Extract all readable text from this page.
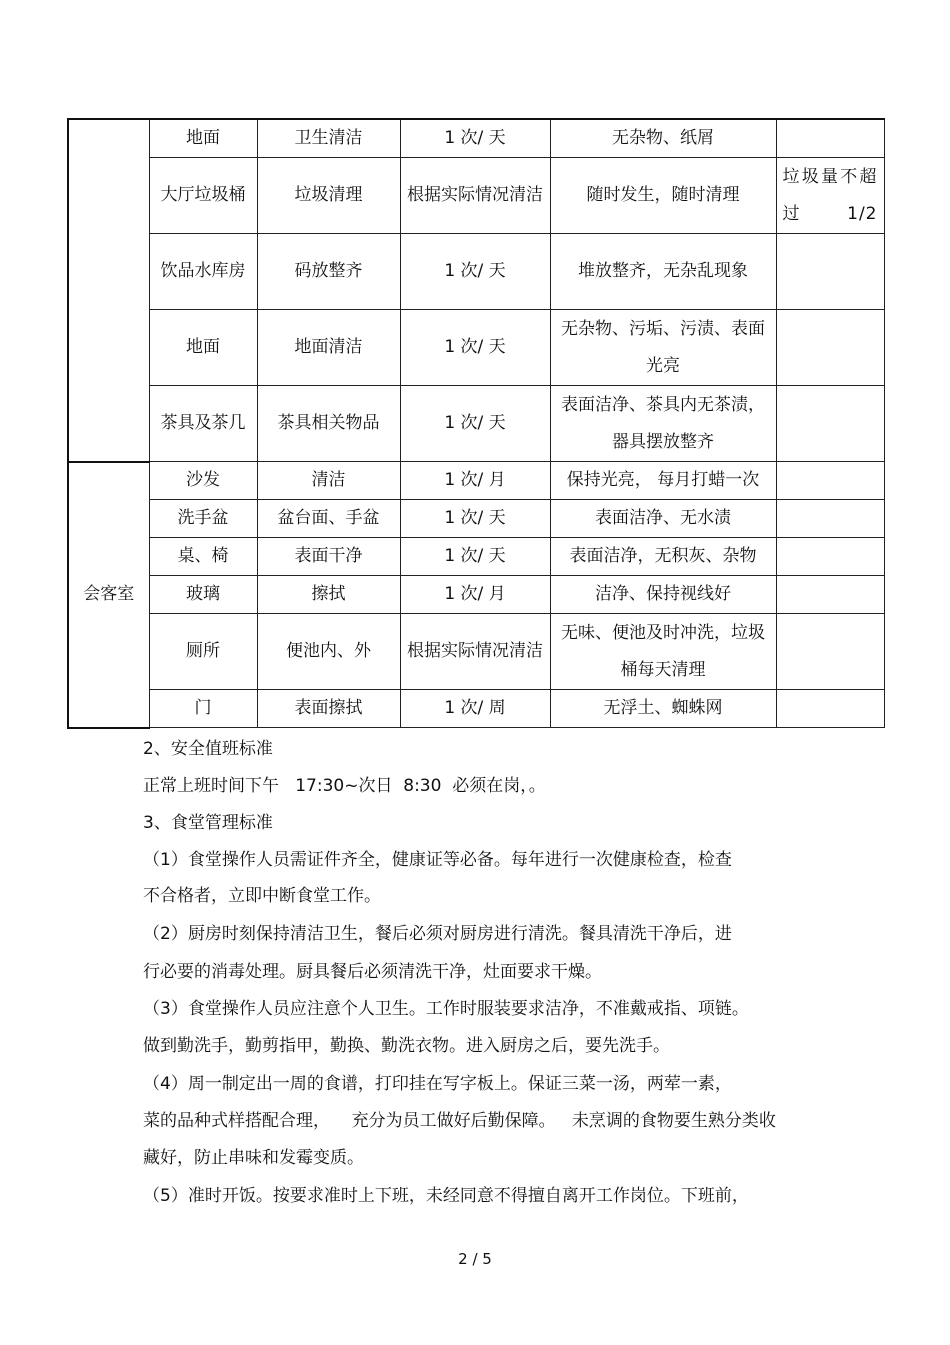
	地面	卫生清洁	1 次/ 天	无杂物、纸屑	
	大厅垃圾桶	垃圾清理	根据实际情况清洁	随时发生，随时清理	垃圾量不超过 1/2
	饮品水库房	码放整齐	1 次/ 天	堆放整齐，无杂乱现象	
	地面	地面清洁	1 次/ 天	无杂物、污垢、污渍、表面光亮	
	茶具及茶几	茶具相关物品	1 次/ 天	表面洁净、茶具内无茶渍，器具摆放整齐	
会客室	沙发	清洁	1 次/ 月	保持光亮， 每月打蜡一次	
	洗手盆	盆台面、手盆	1 次/ 天	表面洁净、无水渍	
	桌、椅	表面干净	1 次/ 天	表面洁净，无积灰、杂物	
	玻璃	擦拭	1 次/ 月	洁净、保持视线好	
	厕所	便池内、外	根据实际情况清洁	无味、便池及时冲洗，垃圾桶每天清理	
	门	表面擦拭	1 次/ 周	无浮土、蜘蛛网	
2、安全值班标准
正常上班时间下午   17:30~次日  8:30  必须在岗，。
3、食堂管理标准
（1）食堂操作人员需证件齐全，健康证等必备。每年进行一次健康检查，检查
不合格者，立即中断食堂工作。
（2）厨房时刻保持清洁卫生，餐后必须对厨房进行清洗。餐具清洗干净后，进
行必要的消毒处理。厨具餐后必须清洗干净，灶面要求干燥。
（3）食堂操作人员应注意个人卫生。工作时服装要求洁净，不准戴戒指、项链。
做到勤洗手，勤剪指甲，勤换、勤洗衣物。进入厨房之后，要先洗手。
（4）周一制定出一周的食谱，打印挂在写字板上。保证三菜一汤，两荤一素，
菜的品种式样搭配合理，    充分为员工做好后勤保障。   未烹调的食物要生熟分类收
藏好，防止串味和发霉变质。
（5）准时开饭。按要求准时上下班，未经同意不得擅自离开工作岗位。下班前，
2 / 5
